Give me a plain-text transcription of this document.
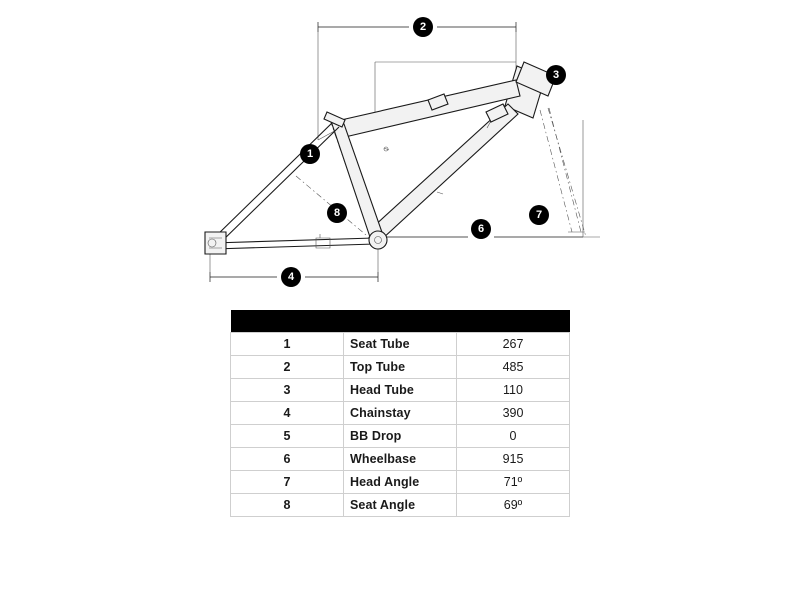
1
2
3
4
6
7
8

1	Seat Tube	267
2	Top Tube	485
3	Head Tube	110
4	Chainstay	390
5	BB Drop	0
6	Wheelbase	915
7	Head Angle	71º
8	Seat Angle	69º
